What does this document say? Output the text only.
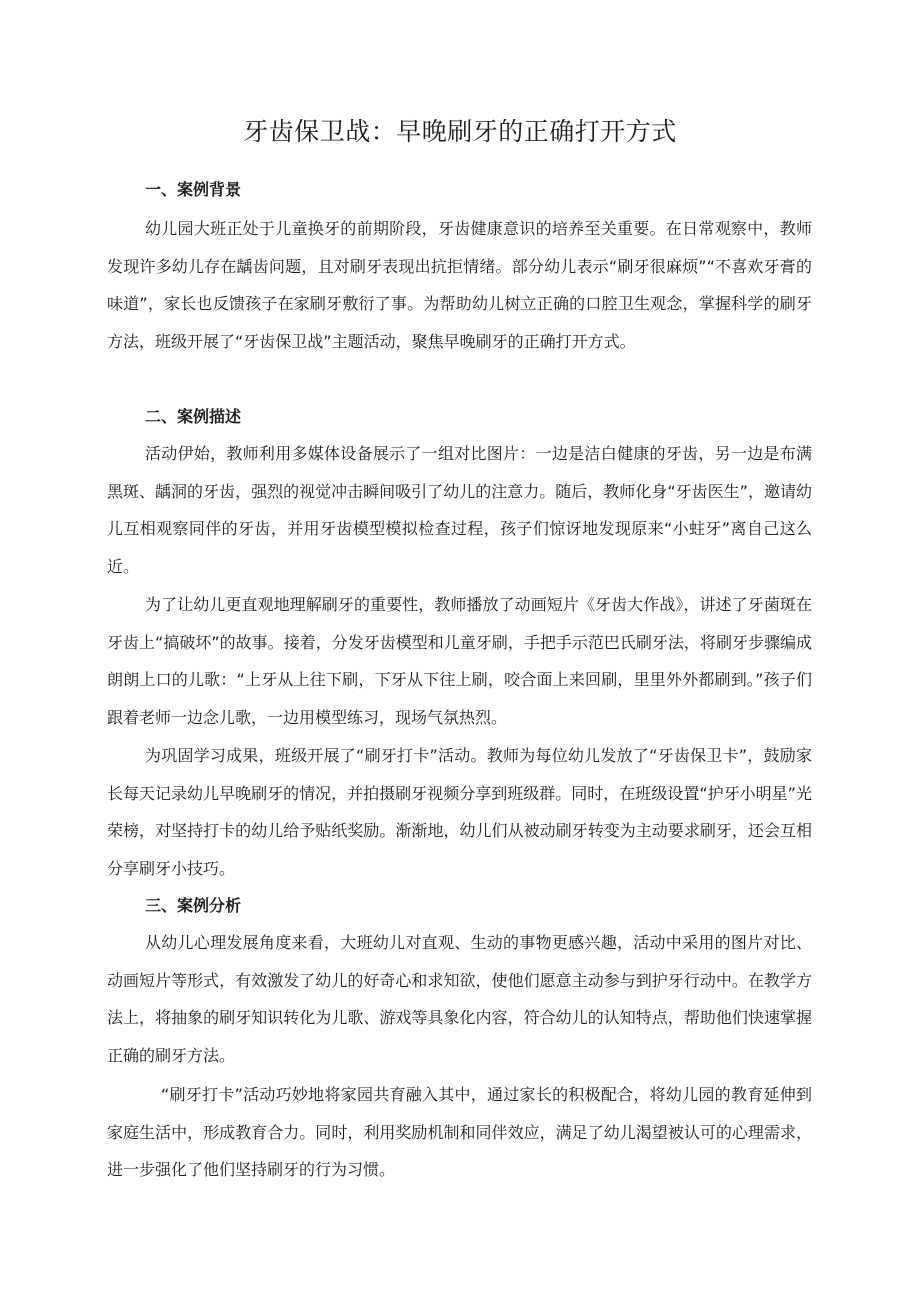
牙齿保卫战：早晚刷牙的正确打开方式
一、案例背景

幼儿园大班正处于儿童换牙的前期阶段，牙齿健康意识的培养至关重要。在日常观察中，教师发现许多幼儿存在龋齿问题，且对刷牙表现出抗拒情绪。部分幼儿表示“刷牙很麻烦”“不喜欢牙膏的味道”，家长也反馈孩子在家刷牙敷衍了事。为帮助幼儿树立正确的口腔卫生观念，掌握科学的刷牙方法，班级开展了“牙齿保卫战”主题活动，聚焦早晚刷牙的正确打开方式。

二、案例描述

活动伊始，教师利用多媒体设备展示了一组对比图片：一边是洁白健康的牙齿，另一边是布满黑斑、龋洞的牙齿，强烈的视觉冲击瞬间吸引了幼儿的注意力。随后，教师化身“牙齿医生”，邀请幼儿互相观察同伴的牙齿，并用牙齿模型模拟检查过程，孩子们惊讶地发现原来“小蛀牙”离自己这么近。

为了让幼儿更直观地理解刷牙的重要性，教师播放了动画短片《牙齿大作战》，讲述了牙菌斑在牙齿上“搞破坏”的故事。接着，分发牙齿模型和儿童牙刷，手把手示范巴氏刷牙法，将刷牙步骤编成朗朗上口的儿歌：“上牙从上往下刷，下牙从下往上刷，咬合面上来回刷，里里外外都刷到。”孩子们跟着老师一边念儿歌，一边用模型练习，现场气氛热烈。

为巩固学习成果，班级开展了“刷牙打卡”活动。教师为每位幼儿发放了“牙齿保卫卡”，鼓励家长每天记录幼儿早晚刷牙的情况，并拍摄刷牙视频分享到班级群。同时，在班级设置“护牙小明星”光荣榜，对坚持打卡的幼儿给予贴纸奖励。渐渐地，幼儿们从被动刷牙转变为主动要求刷牙，还会互相分享刷牙小技巧。

三、案例分析

从幼儿心理发展角度来看，大班幼儿对直观、生动的事物更感兴趣，活动中采用的图片对比、动画短片等形式，有效激发了幼儿的好奇心和求知欲，使他们愿意主动参与到护牙行动中。在教学方法上，将抽象的刷牙知识转化为儿歌、游戏等具象化内容，符合幼儿的认知特点，帮助他们快速掌握正确的刷牙方法。

“刷牙打卡”活动巧妙地将家园共育融入其中，通过家长的积极配合，将幼儿园的教育延伸到家庭生活中，形成教育合力。同时，利用奖励机制和同伴效应，满足了幼儿渴望被认可的心理需求，进一步强化了他们坚持刷牙的行为习惯。
